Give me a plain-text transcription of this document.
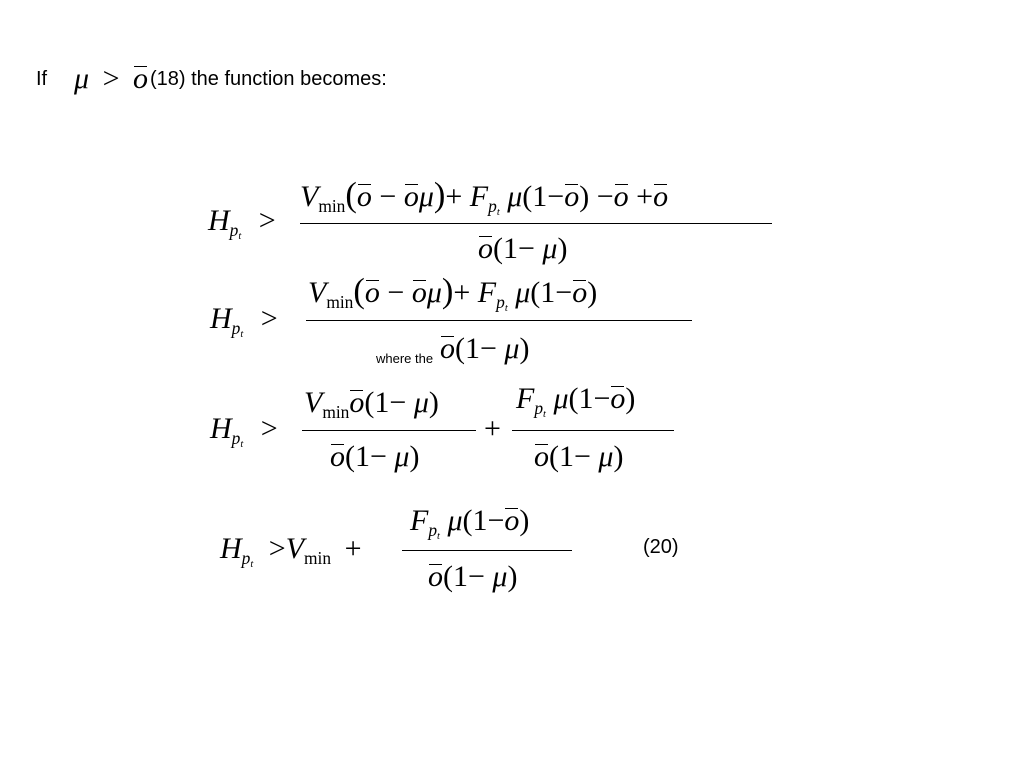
If μ > o (18) the function becomes:
$H_{pt}$ >
$V_{min}(o - o\mu)+ F_{pt}$ μ(1−o) −o +o
o(1− μ)
$H_{pt}$ >
$V_{min}(o - o\mu)+ F_{pt}$ μ(1−o)
where the o(1− μ)
$H_{pt}$ >
$V_{min}o(1- \mu)$
o(1− μ)
+
$F_{pt}$ μ(1−o)
o(1− μ)
$H_{pt} >V_{min}$ +
$F_{pt}$ μ(1−o)
o(1− μ)
(20)
